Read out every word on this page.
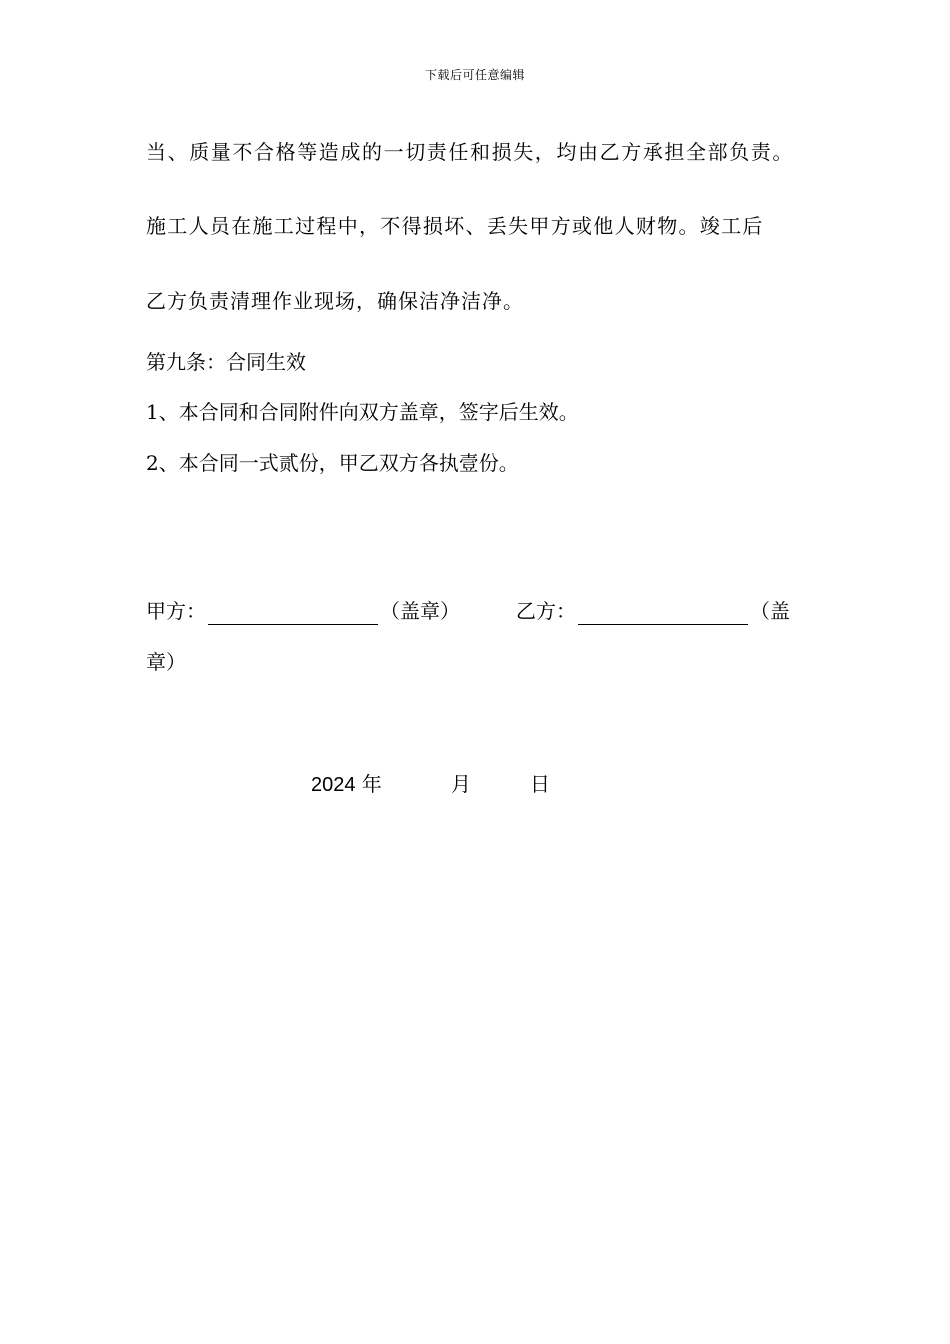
下载后可任意编辑
当、质量不合格等造成的一切责任和损失，均由乙方承担全部负责。
施工人员在施工过程中，不得损坏、丢失甲方或他人财物。竣工后
乙方负责清理作业现场，确保洁净洁净。
第九条：合同生效
1、本合同和合同附件向双方盖章，签字后生效。
2、本合同一式贰份，甲乙双方各执壹份。
甲方：	（盖章）	乙方：	（盖
章）
2024 年	月	日
